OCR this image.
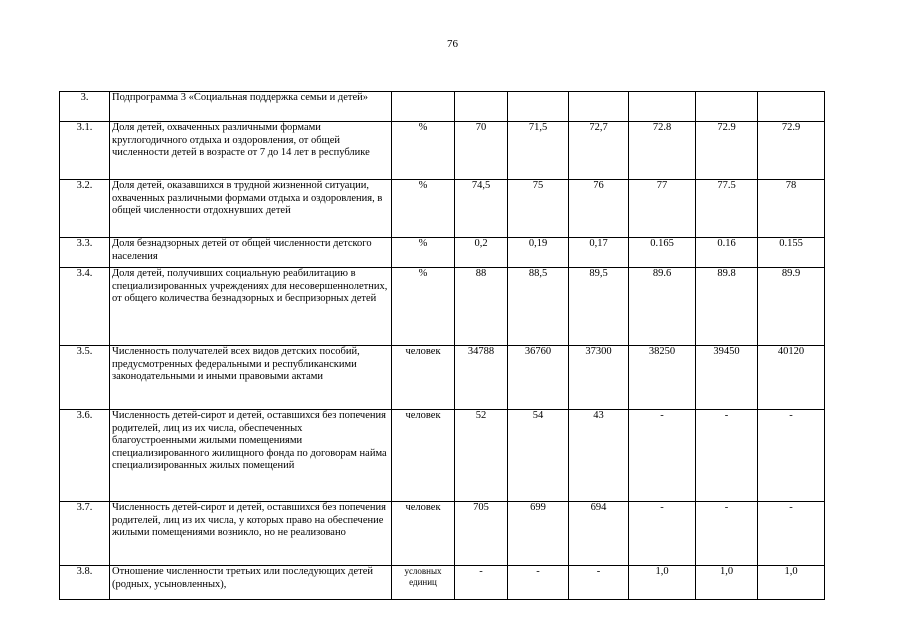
76
3.	Подпрограмма 3 «Социальная поддержка семьи и детей»							
3.1.	Доля детей, охваченных различными формами круглогодичного отдыха и оздоровления, от общей численности детей в возрасте от 7 до 14 лет в республике	%	70	71,5	72,7	72.8	72.9	72.9
3.2.	Доля детей, оказавшихся в трудной жизненной ситуации, охваченных различными формами отдыха и оздоровления, в общей численности отдохнувших детей	%	74,5	75	76	77	77.5	78
3.3.	Доля безнадзорных детей от общей численности детского населения	%	0,2	0,19	0,17	0.165	0.16	0.155
3.4.	Доля детей, получивших социальную реабилитацию в специализированных учреждениях для несовершеннолетних, от общего количества безнадзорных и беспризорных детей	%	88	88,5	89,5	89.6	89.8	89.9
3.5.	Численность получателей всех видов детских пособий, предусмотренных федеральными и республиканскими законодательными и иными правовыми актами	человек	34788	36760	37300	38250	39450	40120
3.6.	Численность детей-сирот и детей, оставшихся без попечения родителей, лиц из их числа, обеспеченных благоустроенными жилыми помещениями специализированного жилищного фонда по договорам найма специализированных жилых помещений	человек	52	54	43	-	-	-
3.7.	Численность детей-сирот и детей, оставшихся без попечения родителей, лиц из их числа, у которых право на обеспечение жилыми помещениями возникло, но не реализовано	человек	705	699	694	-	-	-
3.8.	Отношение численности третьих или последующих детей (родных, усыновленных),	условных единиц	-	-	-	1,0	1,0	1,0
